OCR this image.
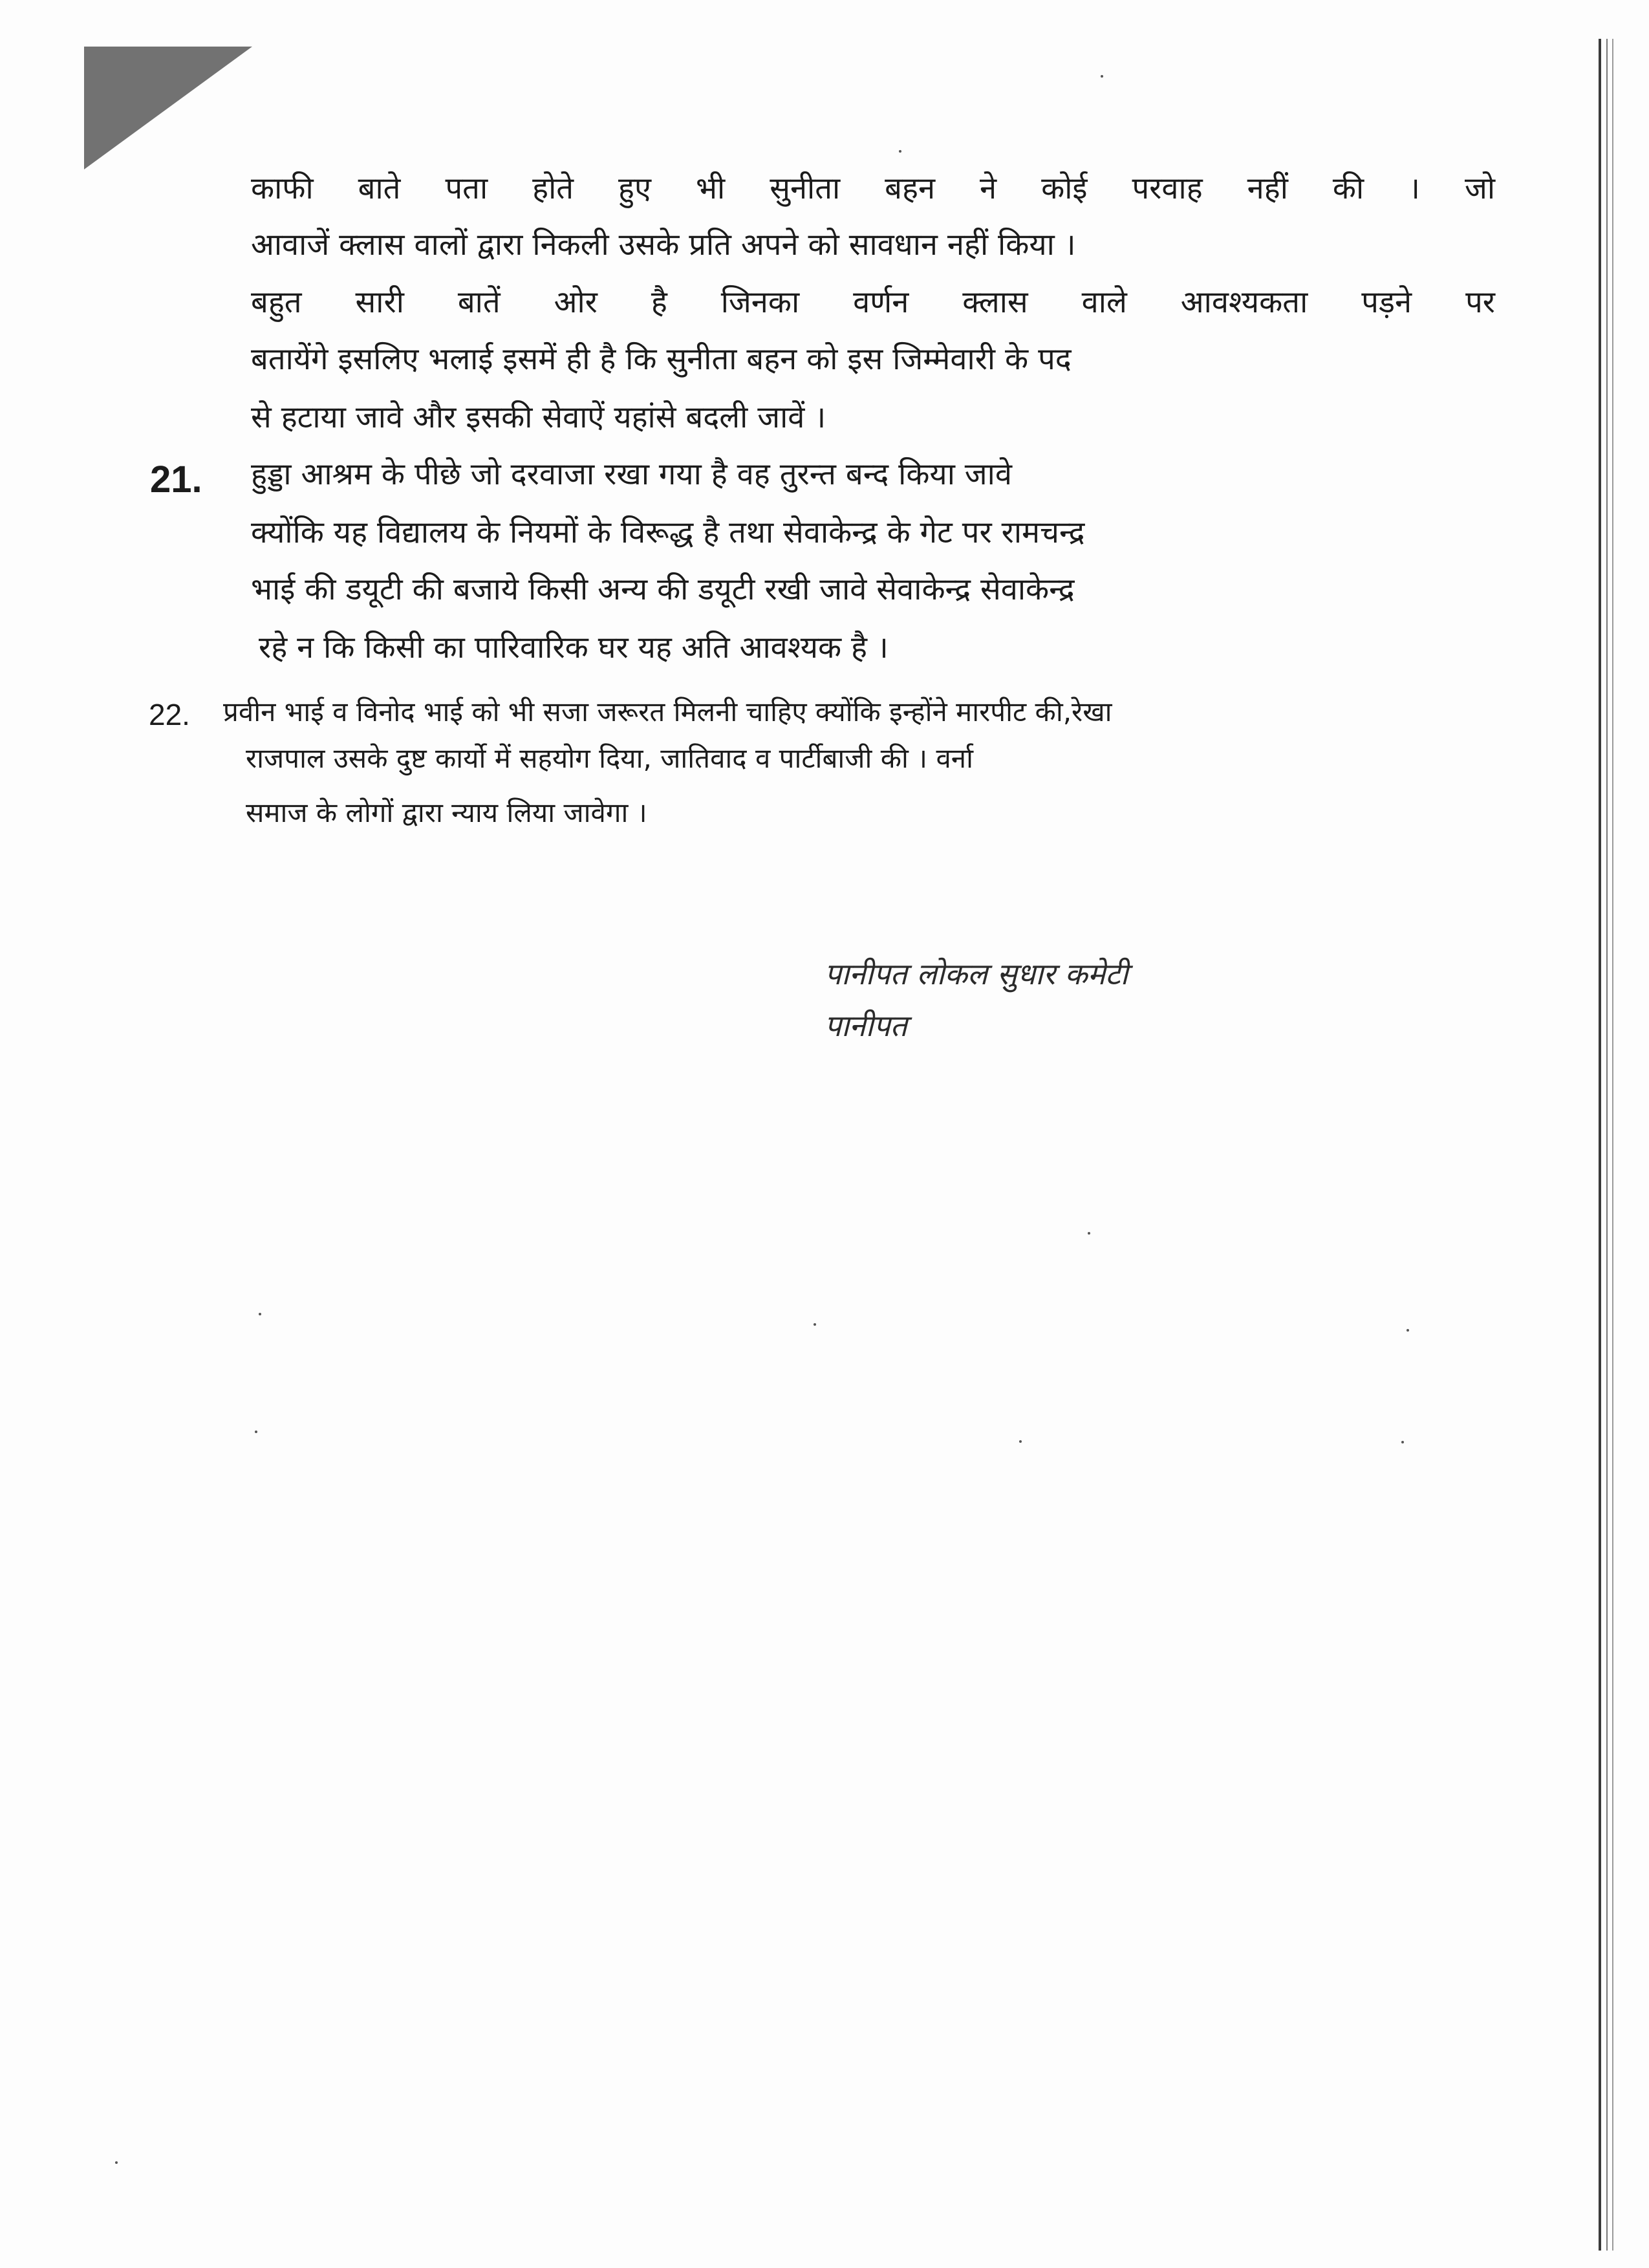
काफी बाते पता होते हुए भी सुनीता बहन ने कोई परवाह नहीं की । जो
आवाजें क्लास वालों द्वारा निकली उसके प्रति अपने को सावधान नहीं किया ।
बहुत सारी बातें ओर है जिनका वर्णन क्लास वाले आवश्यकता पड़ने पर
बतायेंगे इसलिए भलाई इसमें ही है कि सुनीता बहन को इस जिम्मेवारी के पद
से हटाया जावे और इसकी सेवाऐं यहांसे बदली जावें ।
21. हुड्डा आश्रम के पीछे जो दरवाजा रखा गया है वह तुरन्त बन्द किया जावे
क्योंकि यह विद्यालय के नियमों के विरूद्ध है तथा सेवाकेन्द्र के गेट पर रामचन्द्र
भाई की डयूटी की बजाये किसी अन्य की डयूटी रखी जावे सेवाकेन्द्र सेवाकेन्द्र
रहे न कि किसी का पारिवारिक घर यह अति आवश्यक है ।
22. प्रवीन भाई व विनोद भाई को भी सजा जरूरत मिलनी चाहिए क्योंकि इन्होंने मारपीट की,रेखा
राजपाल उसके दुष्ट कार्यो में सहयोग दिया, जातिवाद व पार्टीबाजी की । वर्ना
समाज के लोगों द्वारा न्याय लिया जावेगा ।
पानीपत लोकल सुधार कमेटी
पानीपत
